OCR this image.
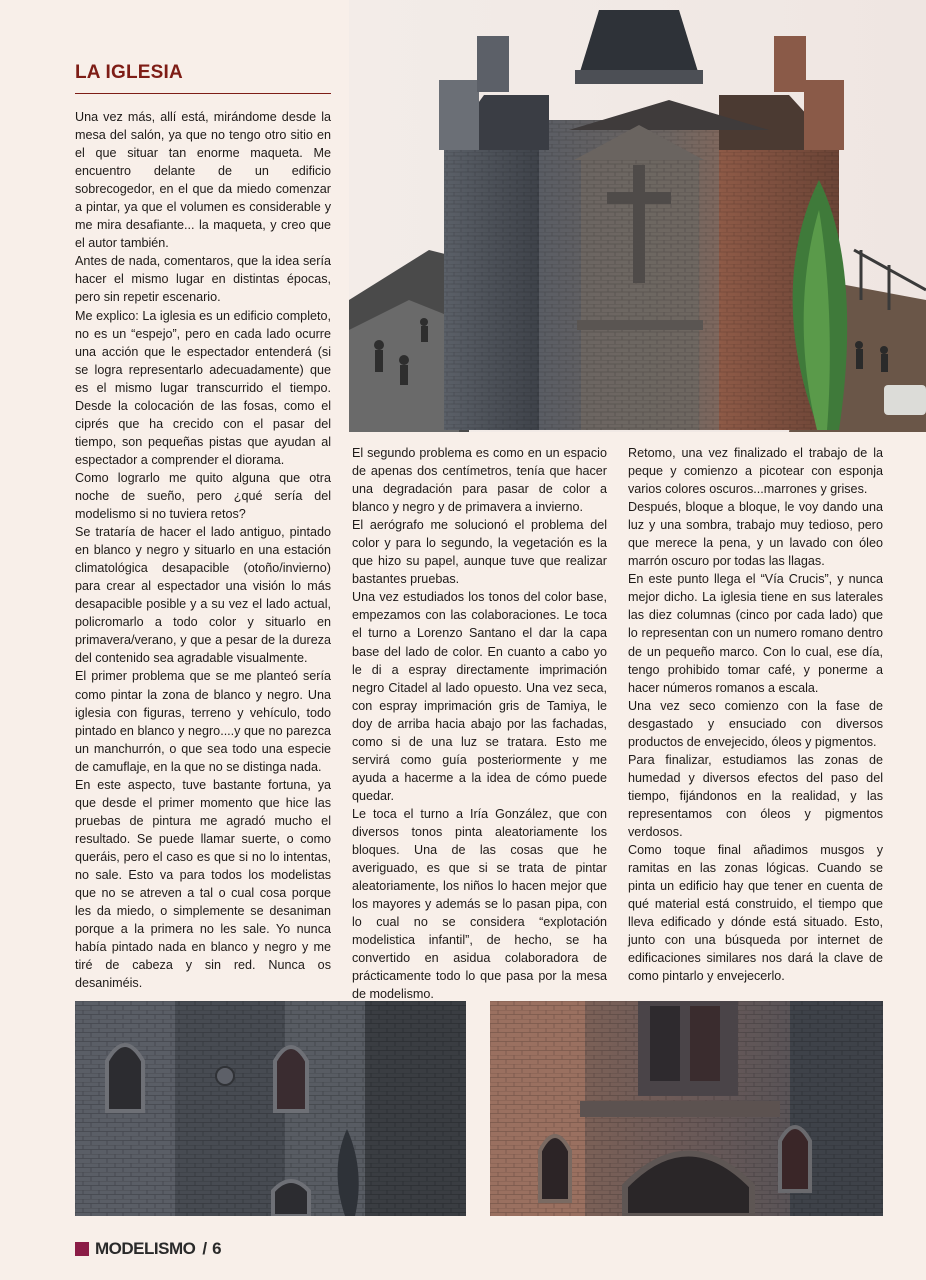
LA IGLESIA

Una vez más, allí está, mirándome desde la mesa del salón, ya que no tengo otro sitio en el que situar tan enorme maqueta. Me encuentro delante de un edificio sobrecogedor, en el que da miedo comenzar a pintar, ya que el volumen es considerable y me mira desafiante... la maqueta, y creo que el autor también.

Antes de nada, comentaros, que la idea sería hacer el mismo lugar en distintas épocas, pero sin repetir escenario.

Me explico: La iglesia es un edificio completo, no es un “espejo”, pero en cada lado ocurre una acción que le espectador entenderá (si se logra representarlo adecuadamente) que es el mismo lugar transcurrido el tiempo. Desde la colocación de las fosas, como el ciprés que ha crecido con el pasar del tiempo, son pequeñas pistas que ayudan al espectador a comprender el diorama.

Como lograrlo me quito alguna que otra noche de sueño, pero ¿qué sería del modelismo si no tuviera retos?

Se trataría de hacer el lado antiguo, pintado en blanco y negro y situarlo en una estación climatológica desapacible (otoño/invierno) para crear al espectador una visión lo más desapacible posible y a su vez el lado actual, policromarlo a todo color y situarlo en primavera/verano, y que a pesar de la dureza del contenido sea agradable visualmente.

El primer problema que se me planteó sería como pintar la zona de blanco y negro. Una iglesia con figuras, terreno y vehículo, todo pintado en blanco y negro....y que no parezca un manchurrón, o que sea todo una especie de camuflaje, en la que no se distinga nada.

En este aspecto, tuve bastante fortuna, ya que desde el primer momento que hice las pruebas de pintura me agradó mucho el resultado. Se puede llamar suerte, o como queráis, pero el caso es que si no lo intentas, no sale. Esto va para todos los modelistas que no se atreven a tal o cual cosa porque les da miedo, o simplemente se desaniman porque a la primera no les sale. Yo nunca había pintado nada en blanco y negro y me tiré de cabeza y sin red. Nunca os desaniméis.

El segundo problema es como en un espacio de apenas dos centímetros, tenía que hacer una degradación para pasar de color a blanco y negro y de primavera a invierno.

El aerógrafo me solucionó el problema del color y para lo segundo, la vegetación es la que hizo su papel, aunque tuve que realizar bastantes pruebas.

Una vez estudiados los tonos del color base, empezamos con las colaboraciones. Le toca el turno a Lorenzo Santano el dar la capa base del lado de color. En cuanto a cabo yo le di a espray directamente imprimación negro Citadel al lado opuesto. Una vez seca, con espray imprimación gris de Tamiya, le doy de arriba hacia abajo por las fachadas, como si de una luz se tratara. Esto me servirá como guía posteriormente y me ayuda a hacerme a la idea de cómo puede quedar.

Le toca el turno a Iría González, que con diversos tonos pinta aleatoriamente los bloques. Una de las cosas que he averiguado, es que si se trata de pintar aleatoriamente, los niños lo hacen mejor que los mayores y además se lo pasan pipa, con lo cual no se considera “explotación modelistica infantil”, de hecho, se ha convertido en asidua colaboradora de prácticamente todo lo que pasa por la mesa de modelismo.

Retomo, una vez finalizado el trabajo de la peque y comienzo a picotear con esponja varios colores oscuros...marrones y grises.

Después, bloque a bloque, le voy dando una luz y una sombra, trabajo muy tedioso, pero que merece la pena, y un lavado con óleo marrón oscuro por todas las llagas.

En este punto llega el “Vía Crucis”, y nunca mejor dicho. La iglesia tiene en sus laterales las diez columnas (cinco por cada lado) que lo representan con un numero romano dentro de un pequeño marco. Con lo cual, ese día, tengo prohibido tomar café, y ponerme a hacer números romanos a escala.

Una vez seco comienzo con la fase de desgastado y ensuciado con diversos productos de envejecido, óleos y pigmentos.

Para finalizar, estudiamos las zonas de humedad y diversos efectos del paso del tiempo, fijándonos en la realidad, y las representamos con óleos y pigmentos verdosos.

Como toque final añadimos musgos y ramitas en las zonas lógicas. Cuando se pinta un edificio hay que tener en cuenta de qué material está construido, el tiempo que lleva edificado y dónde está situado. Esto, junto con una búsqueda por internet de edificaciones similares nos dará la clave de como pintarlo y envejecerlo.

MODELISMO / 6
